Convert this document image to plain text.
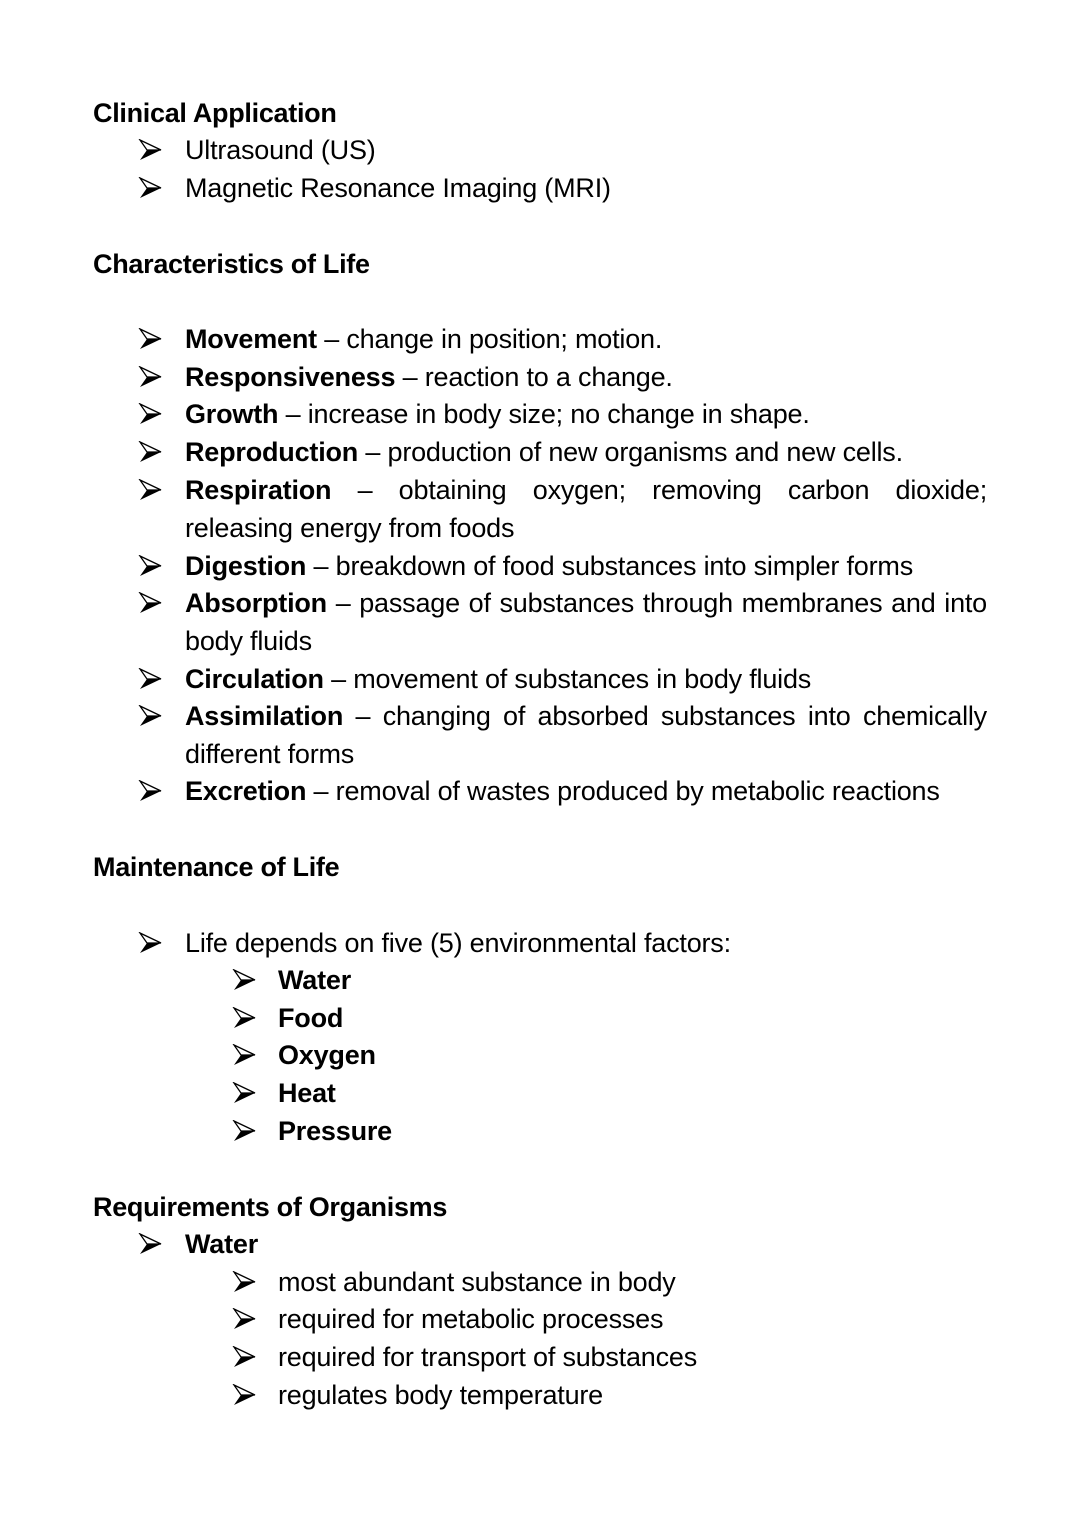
Clinical Application
Ultrasound (US)
Magnetic Resonance Imaging (MRI)
Characteristics of Life
Movement – change in position; motion.
Responsiveness – reaction to a change.
Growth – increase in body size; no change in shape.
Reproduction – production of new organisms and new cells.
Respiration – obtaining oxygen; removing carbon dioxide; releasing energy from foods
Digestion – breakdown of food substances into simpler forms
Absorption – passage of substances through membranes and into body fluids
Circulation – movement of substances in body fluids
Assimilation – changing of absorbed substances into chemically different forms
Excretion – removal of wastes produced by metabolic reactions
Maintenance of Life
Life depends on five (5) environmental factors:
Water
Food
Oxygen
Heat
Pressure
Requirements of Organisms
Water
most abundant substance in body
required for metabolic processes
required for transport of substances
regulates body temperature
